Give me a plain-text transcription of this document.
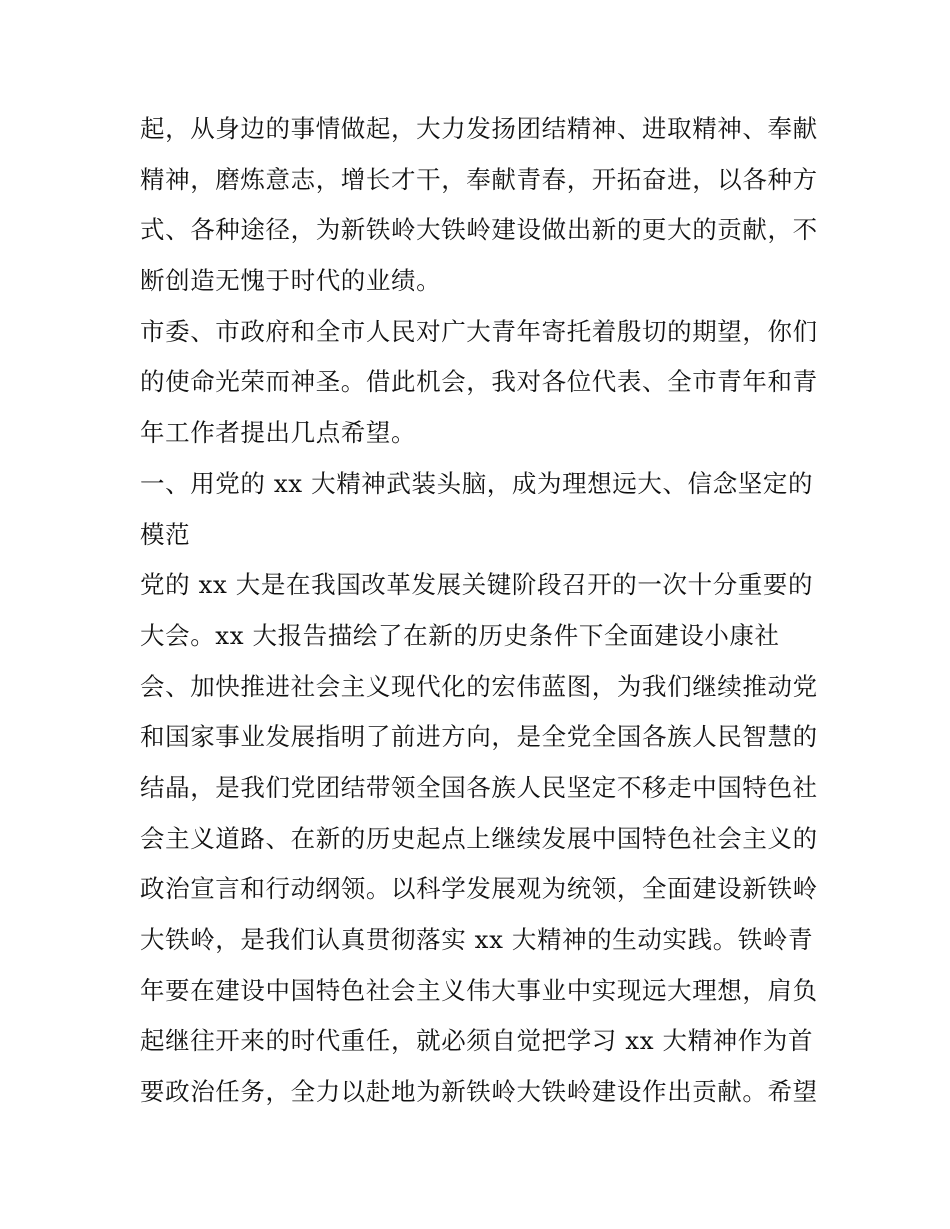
起，从身边的事情做起，大力发扬团结精神、进取精神、奉献
精神，磨炼意志，增长才干，奉献青春，开拓奋进，以各种方
式、各种途径，为新铁岭大铁岭建设做出新的更大的贡献，不
断创造无愧于时代的业绩。
市委、市政府和全市人民对广大青年寄托着殷切的期望，你们
的使命光荣而神圣。借此机会，我对各位代表、全市青年和青
年工作者提出几点希望。
一、用党的 xx 大精神武装头脑，成为理想远大、信念坚定的
模范
党的 xx 大是在我国改革发展关键阶段召开的一次十分重要的
大会。xx 大报告描绘了在新的历史条件下全面建设小康社
会、加快推进社会主义现代化的宏伟蓝图，为我们继续推动党
和国家事业发展指明了前进方向，是全党全国各族人民智慧的
结晶，是我们党团结带领全国各族人民坚定不移走中国特色社
会主义道路、在新的历史起点上继续发展中国特色社会主义的
政治宣言和行动纲领。以科学发展观为统领，全面建设新铁岭
大铁岭，是我们认真贯彻落实 xx 大精神的生动实践。铁岭青
年要在建设中国特色社会主义伟大事业中实现远大理想，肩负
起继往开来的时代重任，就必须自觉把学习 xx 大精神作为首
要政治任务，全力以赴地为新铁岭大铁岭建设作出贡献。希望
